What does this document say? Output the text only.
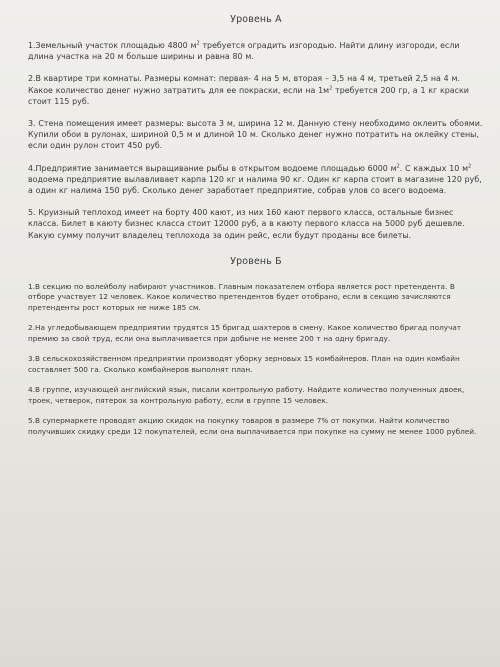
Уровень А

1.Земельный участок площадью 4800 $м^2$ требуется оградить изгородью. Найти длину изгороди, если длина участка на 20 м больше ширины и равна 80 м.

2.В квартире три комнаты. Размеры комнат: первая- 4 на 5 м, вторая – 3,5 на 4 м, третьей 2,5 на 4 м. Какое количество денег нужно затратить для ее покраски, если на $1м^2$ требуется 200 гр, а 1 кг краски стоит 115 руб.

3. Стена помещения имеет размеры: высота 3 м, ширина 12 м. Данную стену необходимо оклеить обоями. Купили обои в рулонах, шириной 0,5 м и длиной 10 м. Сколько денег нужно потратить на оклейку стены, если один рулон стоит 450 руб.

4.Предприятие занимается выращивание рыбы в открытом водоеме площадью 6000 $м^2$. С каждых 10 $м^2$ водоема предприятие вылавливает карпа 120 кг и налима 90 кг. Один кг карпа стоит в магазине 120 руб, а один кг налима 150 руб. Сколько денег заработает предприятие, собрав улов со всего водоема.

5. Круизный теплоход имеет на борту 400 кают, из них 160 кают первого класса, остальные бизнес класса. Билет в каюту бизнес класса стоит 12000 руб, а в каюту первого класса на 5000 руб дешевле. Какую сумму получит владелец теплохода за один рейс, если будут проданы все билеты.

Уровень Б

1.В секцию по волейболу набирают участников. Главным показателем отбора является рост претендента. В отборе участвует 12 человек. Какое количество претендентов будет отобрано, если в секцию зачисляются претенденты рост которых не ниже 185 см.

2.На угледобывающем предприятии трудятся 15 бригад шахтеров в смену. Какое количество бригад получат премию за свой труд, если она выплачивается при добыче не менее 200 т на одну бригаду.

3.В сельскохозяйственном предприятии производят уборку зерновых 15 комбайнеров. План на один комбайн составляет 500 га. Сколько комбайнеров выполнят план.

4.В группе, изучающей английский язык, писали контрольную работу. Найдите количество полученных двоек, троек, четверок, пятерок за контрольную работу, если в группе 15 человек.

5.В супермаркете проводят акцию скидок на покупку товаров в размере 7% от покупки. Найти количество получивших скидку среди 12 покупателей, если она выплачивается при покупке на сумму не менее 1000 рублей.
